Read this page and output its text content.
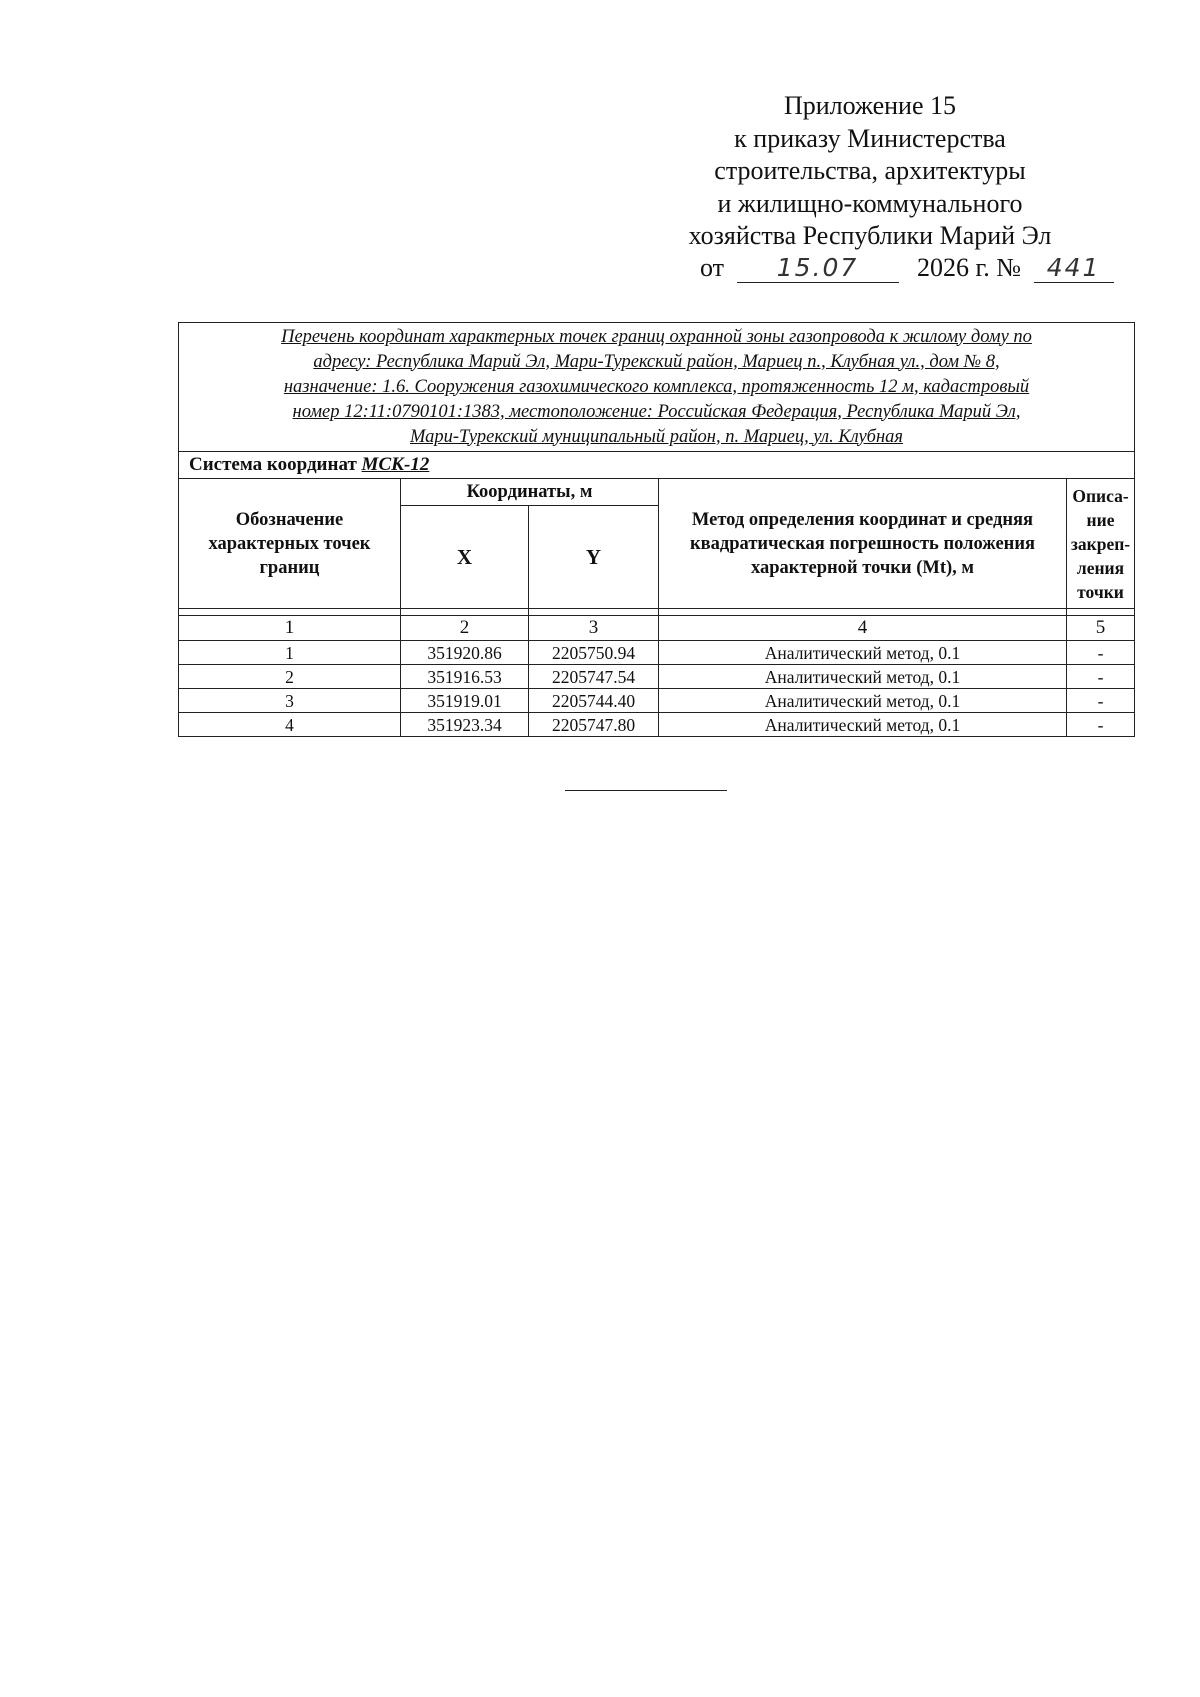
Приложение 15
к приказу Министерства
строительства, архитектуры
и жилищно-коммунального
хозяйства Республики Марий Эл
от 15.07 2026 г. № 441
Перечень координат характерных точек границ охранной зоны газопровода к жилому дому по
адресу: Республика Марий Эл, Мари-Турекский район, Мариец п., Клубная ул., дом № 8,
назначение: 1.6. Сооружения газохимического комплекса, протяженность 12 м, кадастровый
номер 12:11:0790101:1383, местоположение: Российская Федерация, Республика Марий Эл,
Мари-Турекский муниципальный район, п. Мариец, ул. Клубная				
Система координат МСК-12				
Обозначение характерных точек границ	Координаты, м		Метод определения координат и средняя квадратическая погрешность положения характерной точки (Mt), м	Описа-ние закреп-ления точки
	X	Y		

1	2	3	4	5
1	351920.86	2205750.94	Аналитический метод, 0.1	-
2	351916.53	2205747.54	Аналитический метод, 0.1	-
3	351919.01	2205744.40	Аналитический метод, 0.1	-
4	351923.34	2205747.80	Аналитический метод, 0.1	-
